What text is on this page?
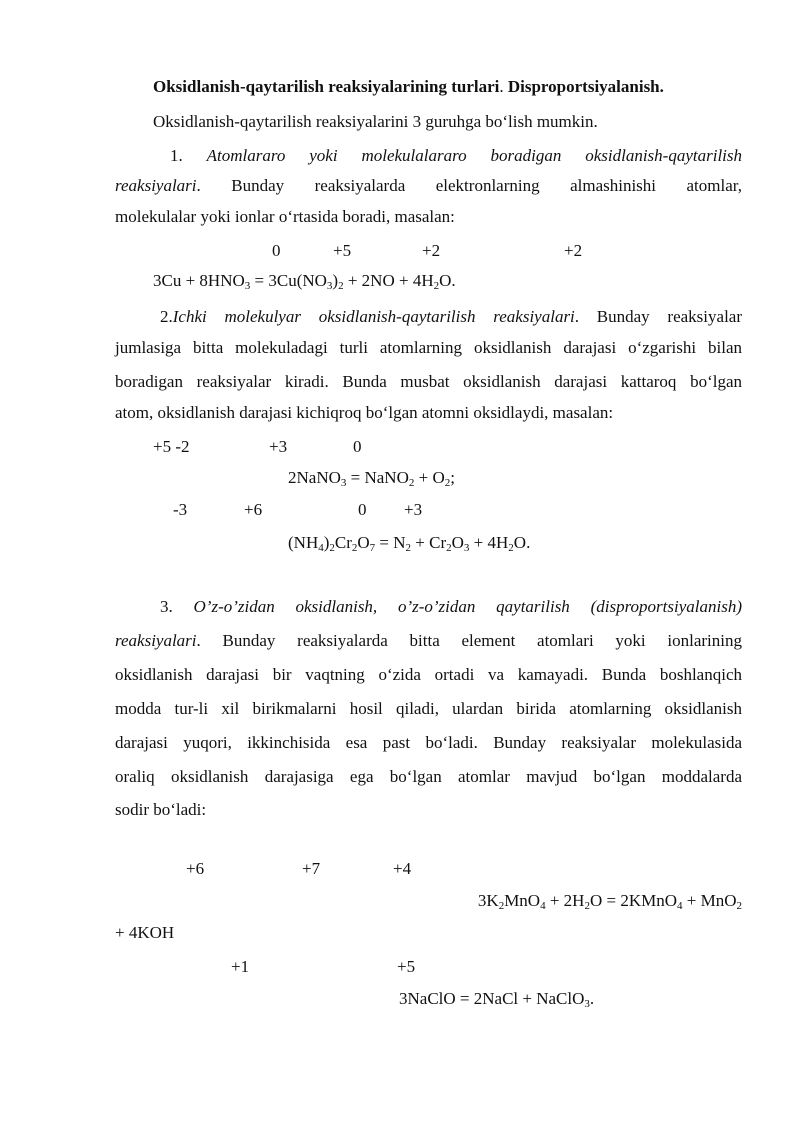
Oksidlanish-qaytarilish reaksiyalarining turlari. Disproportsiyalanish.
Oksidlanish-qaytarilish reaksiyalarini 3 guruhga bo‘lish mumkin.
1. Atomlararo yoki molekulalararo boradigan oksidlanish-qaytarilish
reaksiyalari. Bunday reaksiyalarda elektronlarning almashinishi atomlar,
molekulalar yoki ionlar o‘rtasida boradi, masalan:
0	+5	+2	+2
$3Cu + 8HNO_3 = 3Cu(NO_3)_2 + 2NO + 4H_2O$.
2.Ichki molekulyar oksidlanish-qaytarilish reaksiyalari. Bunday reaksiyalar
jumlasiga bitta molekuladagi turli atomlarning oksidlanish darajasi o‘zgarishi bilan
boradigan reaksiyalar kiradi. Bunda musbat oksidlanish darajasi kattaroq bo‘lgan
atom, oksidlanish darajasi kichiqroq bo‘lgan atomni oksidlaydi, masalan:
+5 -2	+3	0
2NaNO$_3$ = NaNO$_2$ + $O_2$;
-3	+6	0 +3
$(NH_4)_2Cr_2O_7 = N_2 + Cr_2O_3 + 4H_2O$.
3. O’z-o’zidan oksidlanish, o’z-o’zidan qaytarilish (disproportsiyalanish)
reaksiyalari. Bunday reaksiyalarda bitta element atomlari yoki ionlarining
oksidlanish darajasi bir vaqtning o‘zida ortadi va kamayadi. Bunda boshlanqich
modda tur-li xil birikmalarni hosil qiladi, ulardan birida atomlarning oksidlanish
darajasi yuqori, ikkinchisida esa past bo‘ladi. Bunday reaksiyalar molekulasida
oraliq oksidlanish darajasiga ega bo‘lgan atomlar mavjud bo‘lgan moddalarda
sodir bo‘ladi:
+6	+7	+4
$3K_2MnO_4 + 2H_2O$ = 2KMnO$_4$ + MnO$_2$
+ 4KOH
+1	+5
3NaClO = 2NaCl + NaClO$_3$.
